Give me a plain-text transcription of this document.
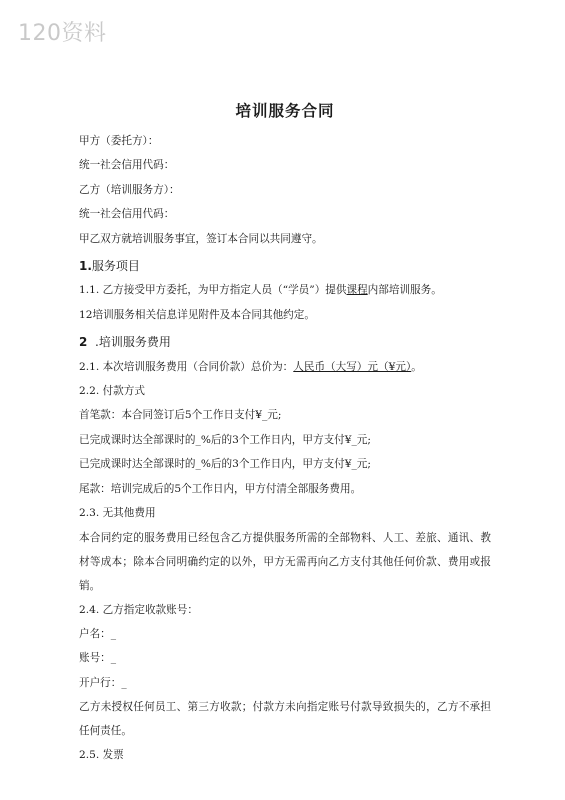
120资料
培训服务合同

甲方（委托方）：

统一社会信用代码：

乙方（培训服务方）：

统一社会信用代码：

甲乙双方就培训服务事宜，签订本合同以共同遵守。

1.服务项目

1.1. 乙方接受甲方委托，为甲方指定人员（“学员”）提供课程内部培训服务。

12培训服务相关信息详见附件及本合同其他约定。

2 .培训服务费用

2.1. 本次培训服务费用（合同价款）总价为：人民币（大写）元（¥元）。

2.2. 付款方式

首笔款：本合同签订后5个工作日支付¥_元;

已完成课时达全部课时的_%后的3个工作日内，甲方支付¥_元;

已完成课时达全部课时的_%后的3个工作日内，甲方支付¥_元;

尾款：培训完成后的5个工作日内，甲方付清全部服务费用。

2.3. 无其他费用

本合同约定的服务费用已经包含乙方提供服务所需的全部物料、人工、差旅、通讯、教材等成本；除本合同明确约定的以外，甲方无需再向乙方支付其他任何价款、费用或报销。

2.4. 乙方指定收款账号：

户名：_

账号：_

开户行：_

乙方未授权任何员工、第三方收款；付款方未向指定账号付款导致损失的，乙方不承担任何责任。

2.5. 发票
